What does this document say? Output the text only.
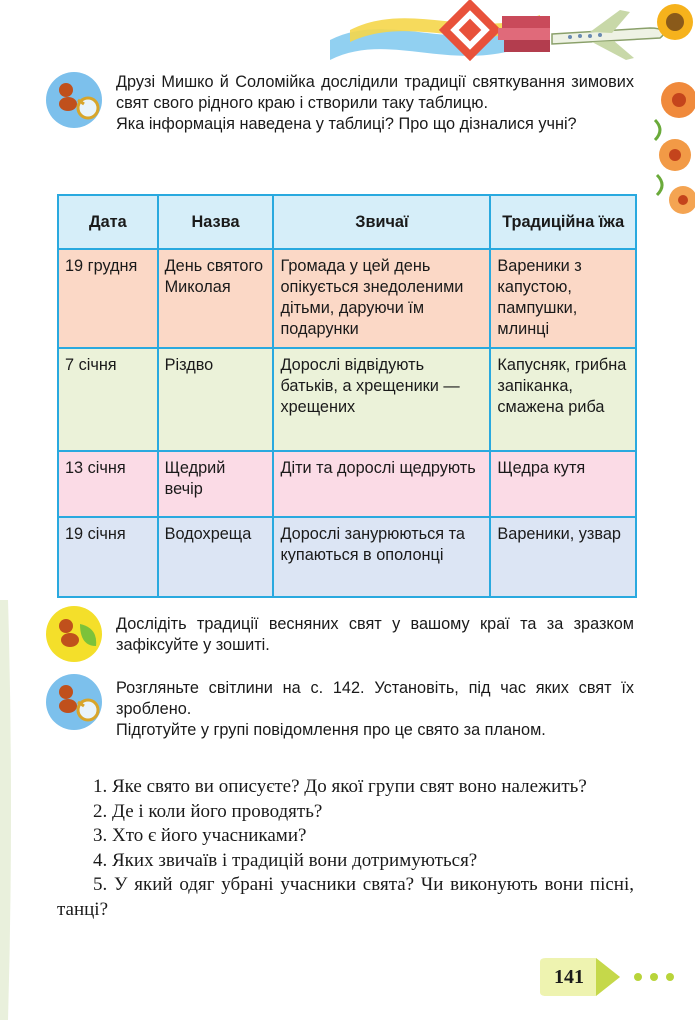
Друзі Мишко й Соломійка дослідили традиції святкування зимових свят свого рідного краю і створили таку таблицю.

Яка інформація наведена у таблиці? Про що дізналися учні?

Дата	Назва	Звичаї	Традиційна їжа
19 грудня	День святого Миколая	Громада у цей день опікується знедоленими дітьми, даруючи їм подарунки	Вареники з капустою, пампушки, млинці
7 січня	Різдво	Дорослі відвідують батьків, а хрещеники — хрещених	Капусняк, грибна запіканка, смажена риба
13 січня	Щедрий вечір	Діти та дорослі щедрують	Щедра кутя
19 січня	Водохреща	Дорослі занурюються та купаються в ополонці	Вареники, узвар

Дослідіть традиції весняних свят у вашому краї та за зразком зафіксуйте у зошиті.

Розгляньте світлини на с. 142. Установіть, під час яких свят їх зроблено.

Підготуйте у групі повідомлення про це свято за планом.

1. Яке свято ви описуєте? До якої групи свят воно належить?

2. Де і коли його проводять?

3. Хто є його учасниками?

4. Яких звичаїв і традицій вони дотримуються?

5. У який одяг убрані учасники свята? Чи виконують вони пісні, танці?

141
